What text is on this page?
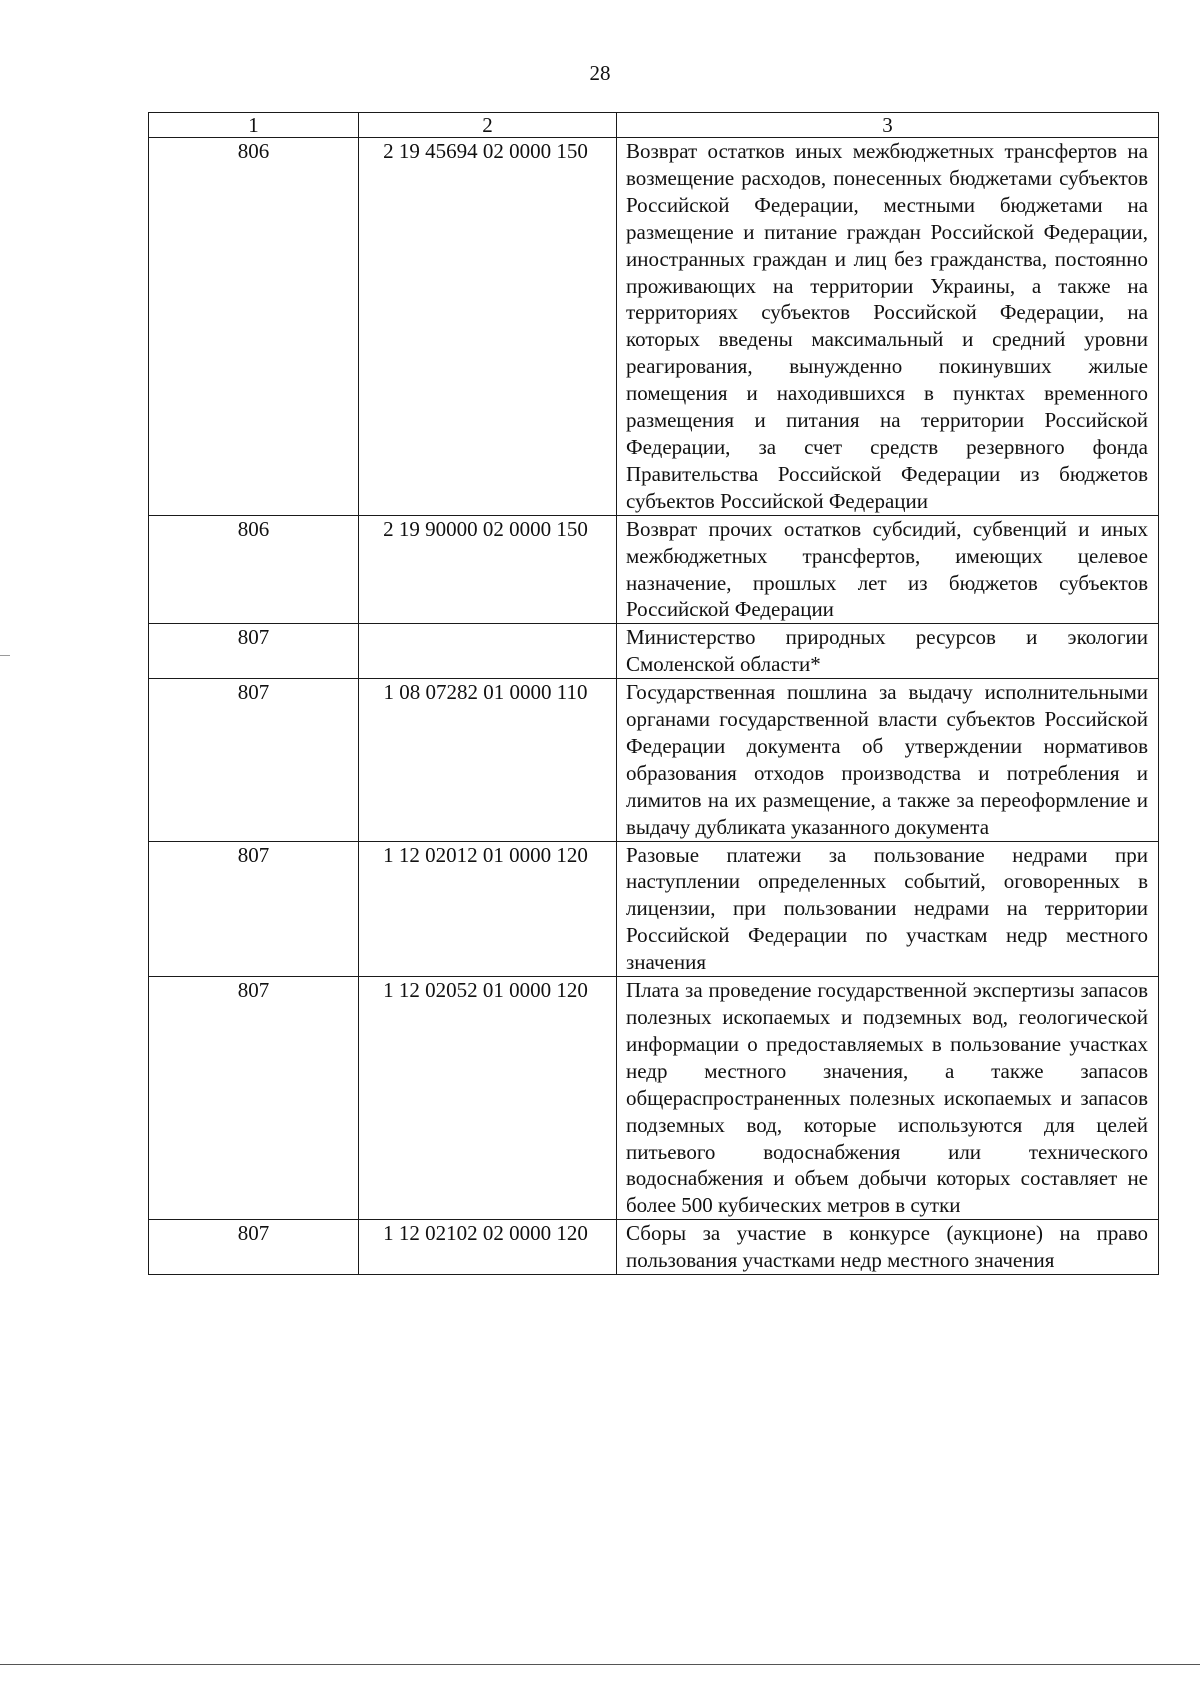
28
1	2	3
806	2 19 45694 02 0000 150	Возврат остатков иных межбюджетных трансфертов на возмещение расходов, понесенных бюджетами субъектов Российской Федерации, местными бюджетами на размещение и питание граждан Российской Федерации, иностранных граждан и лиц без гражданства, постоянно проживающих на территории Украины, а также на территориях субъектов Российской Федерации, на которых введены максимальный и средний уровни реагирования, вынужденно покинувших жилые помещения и находившихся в пунктах временного размещения и питания на территории Российской Федерации, за счет средств резервного фонда Правительства Российской Федерации из бюджетов субъектов Российской Федерации
806	2 19 90000 02 0000 150	Возврат прочих остатков субсидий, субвенций и иных межбюджетных трансфертов, имеющих целевое назначение, прошлых лет из бюджетов субъектов Российской Федерации
807		Министерство природных ресурсов и экологии Смоленской области*
807	1 08 07282 01 0000 110	Государственная пошлина за выдачу исполнительными органами государственной власти субъектов Российской Федерации документа об утверждении нормативов образования отходов производства и потребления и лимитов на их размещение, а также за переоформление и выдачу дубликата указанного документа
807	1 12 02012 01 0000 120	Разовые платежи за пользование недрами при наступлении определенных событий, оговоренных в лицензии, при пользовании недрами на территории Российской Федерации по участкам недр местного значения
807	1 12 02052 01 0000 120	Плата за проведение государственной экспертизы запасов полезных ископаемых и подземных вод, геологической информации о предоставляемых в пользование участках недр местного значения, а также запасов общераспространенных полезных ископаемых и запасов подземных вод, которые используются для целей питьевого водоснабжения или технического водоснабжения и объем добычи которых составляет не более 500 кубических метров в сутки
807	1 12 02102 02 0000 120	Сборы за участие в конкурсе (аукционе) на право пользования участками недр местного значения
